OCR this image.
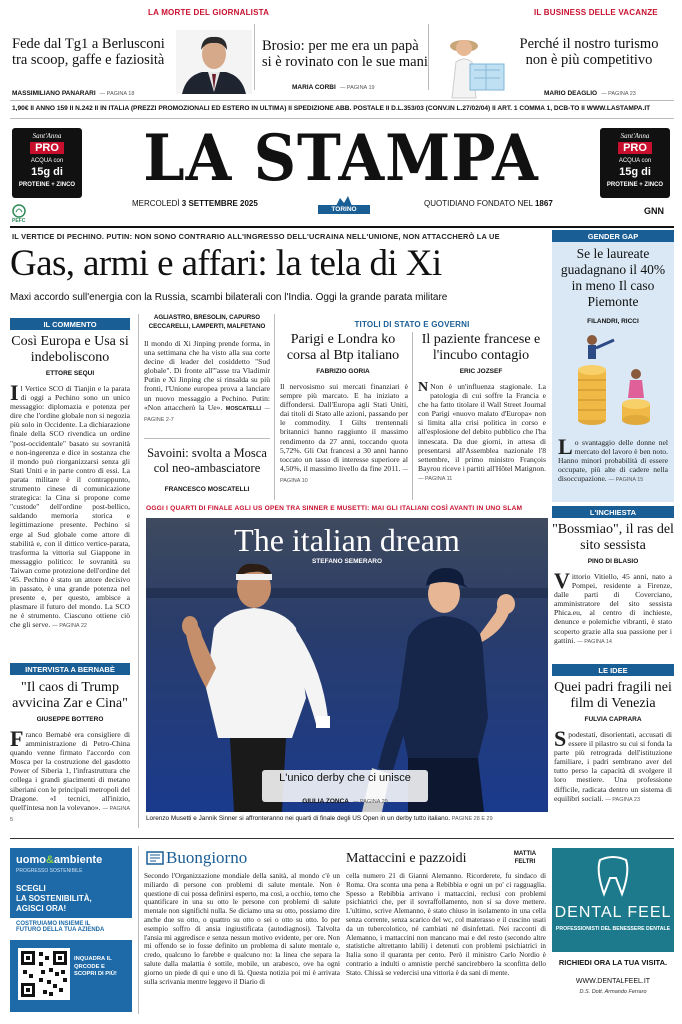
LA MORTE DEL GIORNALISTA
Fede dal Tg1 a Berlusconi tra scoop, gaffe e faziosità
MASSIMILIANO PANARARI — PAGINA 18
Brosio: per me era un papà si è rovinato con le sue mani
MARIA CORBI — PAGINA 19
IL BUSINESS DELLE VACANZE
Perché il nostro turismo non è più competitivo
MARIO DEAGLIO — PAGINA 23
1,90€ II ANNO 159 II N.242 II IN ITALIA (PREZZI PROMOZIONALI ED ESTERO IN ULTIMA) II SPEDIZIONE ABB. POSTALE II D.L.353/03 (CONV.IN L.27/02/04) II ART. 1 COMMA 1, DCB-TO II WWW.LASTAMPA.IT
Sant'Anna
PRO
ACQUA con
15g di
PROTEINE + ZINCO
Sant'Anna
PRO
ACQUA con
15g di
PROTEINE + ZINCO
LA STAMPA
PEFC
MERCOLEDÌ 3 SETTEMBRE 2025
TORINO
QUOTIDIANO FONDATO NEL 1867
GNN
IL VERTICE DI PECHINO. PUTIN: NON SONO CONTRARIO ALL'INGRESSO DELL'UCRAINA NELL'UNIONE, NON ATTACCHERÒ LA UE
Gas, armi e affari: la tela di Xi
Maxi accordo sull'energia con la Russia, scambi bilaterali con l'India. Oggi la grande parata militare
IL COMMENTO
Così Europa e Usa si indeboliscono
ETTORE SEQUI
Il Vertice SCO di Tianjin e la parata di oggi a Pechino sono un unico messaggio: diplomazia e potenza per dire che l'ordine globale non si negozia più solo in Occidente. La dichiarazione finale della SCO rivendica un ordine "post-occidentale" basato su sovranità e non-ingerenza e dice in sostanza che il mondo può riorganizzarsi senza gli Stati Uniti e in parte contro di essi. La parata militare è il contrappunto, strumento cinese di comunicazione strategica: la Cina si propone come "custode" dell'ordine post-bellico, saldando memoria storica e legittimazione presente. Pechino si erge al Sud globale come attore di stabilità e, con il dittico vertice-parata, trasforma la vittoria sul Giappone in messaggio politico: le sovranità su Taiwan come protezione dell'ordine del '45. Pechino è stato un attore decisivo in passato, è una grande potenza nel presente e, per questo, ambisce a plasmare il futuro del mondo. La SCO ne è strumento. Ciascuno ottiene ciò che gli serve. — PAGINA 22
INTERVISTA A BERNABÈ
"Il caos di Trump avvicina Zar e Cina"
GIUSEPPE BOTTERO
Franco Bernabè era consigliere di amministrazione di Petro-China quando venne firmato l'accordo con Mosca per la costruzione del gasdotto Power of Siberia 1, l'infrastruttura che collega i grandi giacimenti di metano siberiani con le principali metropoli del Dragone. «I tecnici, all'inizio, quell'intesa non la volevano». — PAGINA 5
AGLIASTRO, BRESOLIN, CAPURSO CECCARELLI, LAMPERTI, MALFETANO
Il mondo di Xi Jinping prende forma, in una settimana che ha visto alla sua corte decine di leader del cosiddetto "Sud globale". Di fronte all'"asse tra Vladimir Putin e Xi Jinping che si rinsalda su più fronti, l'Unione europea prova a lanciare un nuovo messaggio a Pechino. Putin: «Non attaccherò la Ue». MOSCATELLI — PAGINE 2-7
Savoini: svolta a Mosca col neo-ambasciatore
FRANCESCO MOSCATELLI
TITOLI DI STATO E GOVERNI
Parigi e Londra ko corsa al Btp italiano
FABRIZIO GORIA
Il nervosismo sui mercati finanziari è sempre più marcato. E ha iniziato a diffondersi. Dall'Europa agli Stati Uniti, dai titoli di Stato alle azioni, passando per le commodity. I Gilts trentennali britannici hanno raggiunto il massimo rendimento da 27 anni, toccando quota 5,72%. Gli Oat francesi a 30 anni hanno toccato un tasso di interesse superiore al 4,50%, il massimo livello da fine 2011. — PAGINA 10
Il paziente francese e l'incubo contagio
ERIC JOZSEF
N Non è un'influenza stagionale. La patologia di cui soffre la Francia e che ha fatto titolare il Wall Street Journal con Parigi «nuovo malato d'Europa» non si limita alla crisi politica in corso e all'esplosione del debito pubblico che l'ha innescata. Da due giorni, in attesa di presentarsi all'Assemblea nazionale l'8 settembre, il primo ministro François Bayrou riceve i partiti all'Hôtel Matignon. — PAGINA 11
OGGI I QUARTI DI FINALE AGLI US OPEN TRA SINNER E MUSETTI: MAI GLI ITALIANI COSÌ AVANTI IN UNO SLAM
The italian dream
STEFANO SEMERARO
L'unico derby che ci unisce
GIULIA ZONCA — PAGINA 29
Lorenzo Musetti e Jannik Sinner si affronteranno nei quarti di finale degli US Open in un derby tutto italiano. PAGINE 28 E 29
GENDER GAP
Se le laureate guadagnano il 40% in meno Il caso Piemonte
FILANDRI, RICCI
Lo svantaggio delle donne nel mercato del lavoro è ben noto. Hanno minori probabilità di essere occupate, più alte di cadere nella disoccupazione. — PAGINA 15
L'INCHIESTA
"Bossmiao", il ras del sito sessista
PINO DI BLASIO
Vittorio Vitiello, 45 anni, nato a Pompei, residente a Firenze, dalle parti di Coverciano, amministratore del sito sessista Phica.eu, al centro di inchieste, denunce e polemiche vibranti, è stato scoperto grazie alla sua passione per i gattini. — PAGINA 14
LE IDEE
Quei padri fragili nei film di Venezia
FULVIA CAPRARA
Spodestati, disorientati, accusati di essere il pilastro su cui si fonda la parte più retrograda dell'istituzione familiare, i padri sembrano aver del tutto perso la capacità di svolgere il loro mestiere. Una professione difficile, radicata dentro un sistema di equilibri sociali. — PAGINA 23
uomo&ambiente
PROGRESSO SOSTENIBILE
SCEGLI
LA SOSTENIBILITÀ,
AGISCI ORA!
COSTRUIAMO INSIEME IL
FUTURO DELLA TUA AZIENDA
INQUADRA IL QRCODE E SCOPRI DI PIÙ!
Buongiorno
Secondo l'Organizzazione mondiale della sanità, al mondo c'è un miliardo di persone con problemi di salute mentale. Non è questione di cui possa definirsi esperto, ma così, a occhio, temo che quantificare in una su otto le persone con problemi di salute mentale non significhi nulla. Se diciamo una su otto, possiamo dire anche due su otto, o quattro su otto o sei o otto su otto. Io per esempio soffro di ansia ingiustificata (autodiagnosi). Talvolta l'ansia mi aggredisce e senza nessun motivo evidente, per ore. Non mi offendo se io fosse definito un problema di salute mentale e, credo, qualcuno lo farebbe e qualcuno no: la linea che separa la salute dalla malattia è sottile, mobile, un arabesco, ove ha ogni giorno un piede di qui e uno di là. Questa notizia poi mi è arrivata sulla scrivania mentre leggevo il Diario di
Mattaccini e pazzoidi	MATTIA FELTRI
cella numero 21 di Gianni Alemanno. Ricorderete, fu sindaco di Roma. Ora sconta una pena a Rebibbia e ogni un po' ci ragguaglia. Spesso a Rebibbia arrivano i mattaccini, reclusi con problemi psichiatrici che, per il sovraffollamento, non si sa dove mettere. L'ultimo, scrive Alemanno, è stato chiuso in isolamento in una cella senza corrente, senza scarico del wc, col materasso e il cuscino usati da un tubercolotico, né cambiati né disinfettati. Nei racconti di Alemanno, i mattaccini non mancano mai e del resto (secondo altre statistiche altrettanto labili) i detenuti con problemi psichiatrici in Italia sono il quaranta per cento. Però il ministro Carlo Nordio è contrario a indulti o amnistie perché sancirebbero la sconfitta dello Stato. Chissà se vedercisi una vittoria è da sani di mente.
DENTAL FEEL
PROFESSIONISTI DEL BENESSERE DENTALE
RICHIEDI ORA LA TUA VISITA.
WWW.DENTALFEEL.IT
D.S. Dott. Armando Ferraro
